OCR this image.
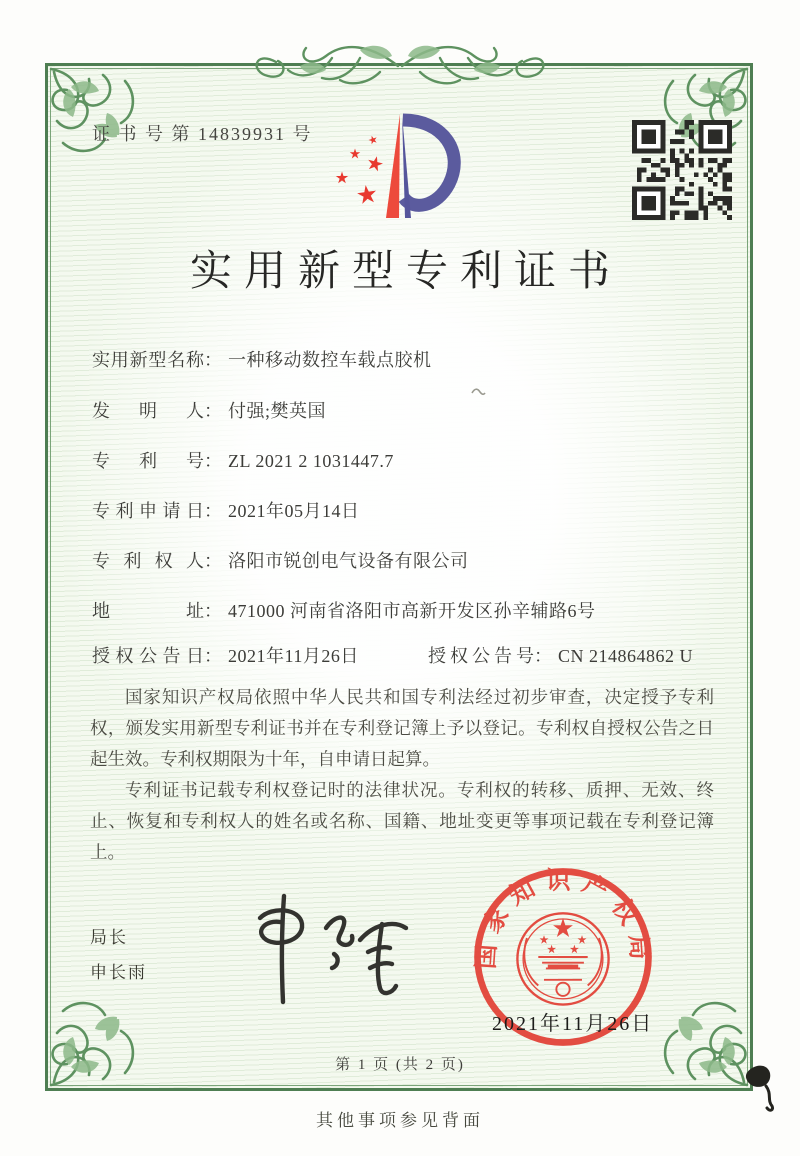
证 书 号 第 14839931 号
实用新型专利证书
实用新型名称： 一种移动数控车载点胶机
发明人： 付强;樊英国
专利号： ZL 2021 2 1031447.7
专利申请日： 2021年05月14日
专利权人： 洛阳市锐创电气设备有限公司
地址： 471000 河南省洛阳市高新开发区孙辛辅路6号
授权公告日： 2021年11月26日	授权公告号： CN 214864862 U

国家知识产权局依照中华人民共和国专利法经过初步审查，决定授予专利权，颁发实用新型专利证书并在专利登记簿上予以登记。专利权自授权公告之日起生效。专利权期限为十年，自申请日起算。

专利证书记载专利权登记时的法律状况。专利权的转移、质押、无效、终止、恢复和专利权人的姓名或名称、国籍、地址变更等事项记载在专利登记簿上。

局长
申长雨
国家知识产权局
2021年11月26日
第 1 页 (共 2 页)
其他事项参见背面
